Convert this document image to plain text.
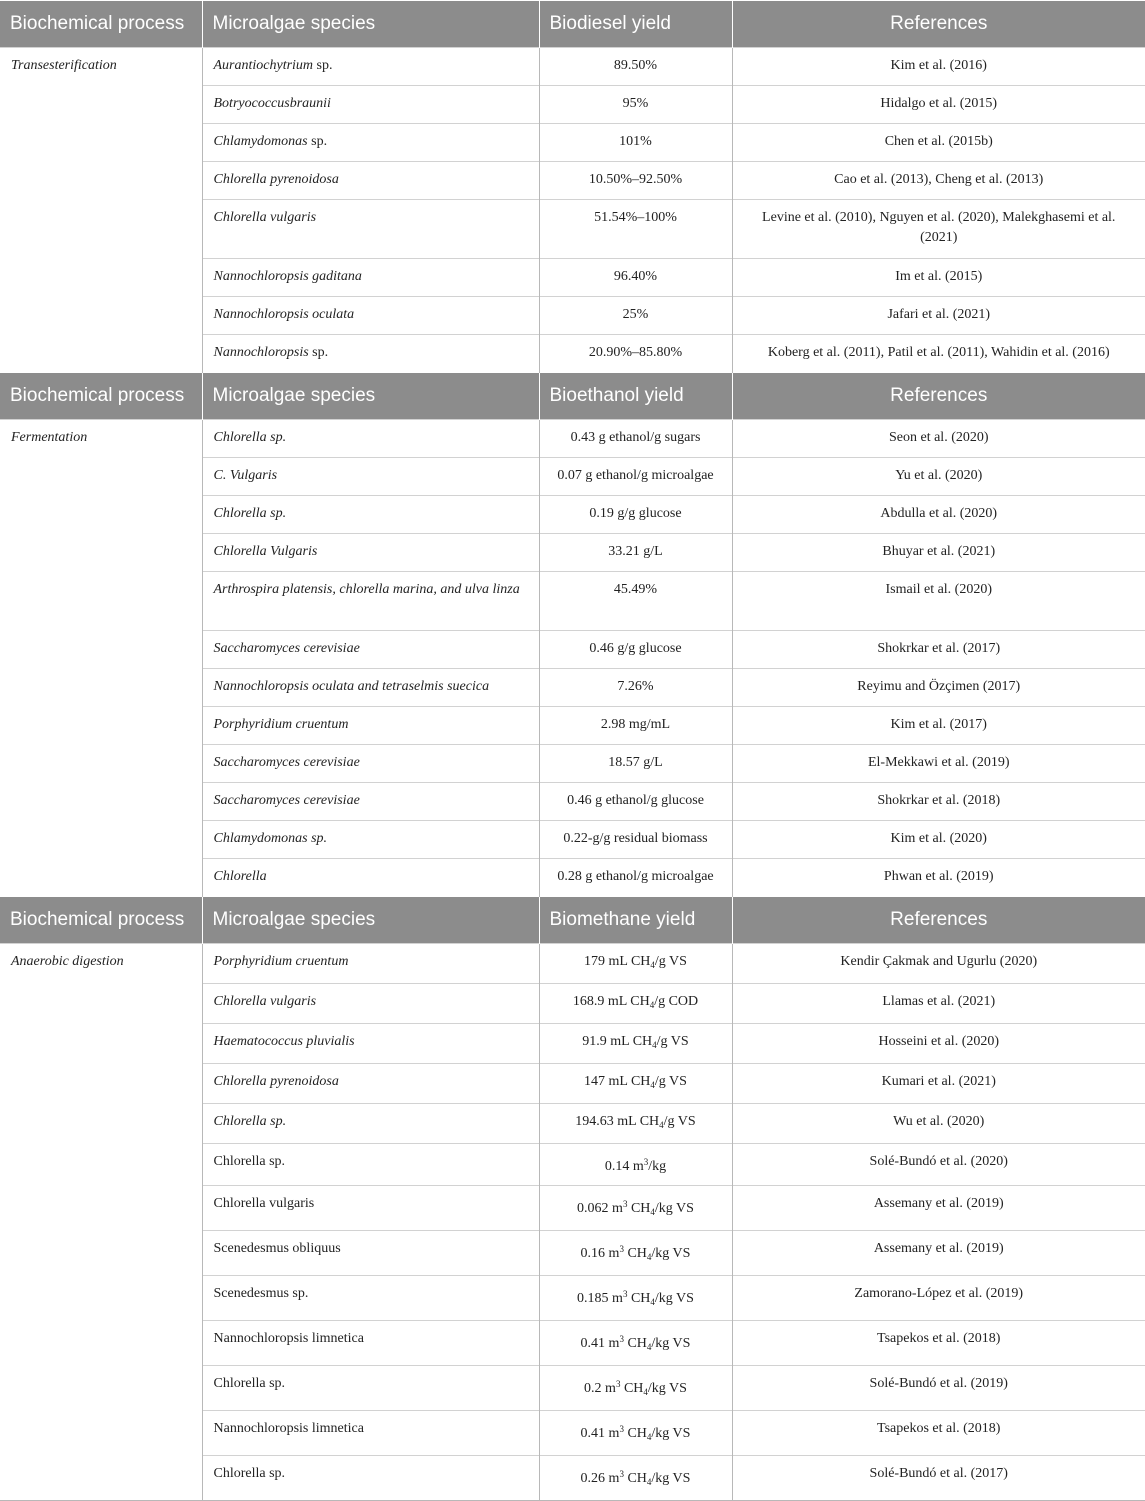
Biochemical process	Microalgae species	Biodiesel yield	References
Transesterification	Aurantiochytrium sp.	89.50%	Kim et al. (2016)
	Botryococcusbraunii	95%	Hidalgo et al. (2015)
	Chlamydomonas sp.	101%	Chen et al. (2015b)
	Chlorella pyrenoidosa	10.50%–92.50%	Cao et al. (2013), Cheng et al. (2013)
	Chlorella vulgaris	51.54%–100%	Levine et al. (2010), Nguyen et al. (2020), Malekghasemi et al. (2021)
	Nannochloropsis gaditana	96.40%	Im et al. (2015)
	Nannochloropsis oculata	25%	Jafari et al. (2021)
	Nannochloropsis sp.	20.90%–85.80%	Koberg et al. (2011), Patil et al. (2011), Wahidin et al. (2016)
Biochemical process	Microalgae species	Bioethanol yield	References
Fermentation	Chlorella sp.	0.43 g ethanol/g sugars	Seon et al. (2020)
	C. Vulgaris	0.07 g ethanol/g microalgae	Yu et al. (2020)
	Chlorella sp.	0.19 g/g glucose	Abdulla et al. (2020)
	Chlorella Vulgaris	33.21 g/L	Bhuyar et al. (2021)
	Arthrospira platensis, chlorella marina, and ulva linza	45.49%	Ismail et al. (2020)
	Saccharomyces cerevisiae	0.46 g/g glucose	Shokrkar et al. (2017)
	Nannochloropsis oculata and tetraselmis suecica	7.26%	Reyimu and Özçimen (2017)
	Porphyridium cruentum	2.98 mg/mL	Kim et al. (2017)
	Saccharomyces cerevisiae	18.57 g/L	El-Mekkawi et al. (2019)
	Saccharomyces cerevisiae	0.46 g ethanol/g glucose	Shokrkar et al. (2018)
	Chlamydomonas sp.	0.22-g/g residual biomass	Kim et al. (2020)
	Chlorella	0.28 g ethanol/g microalgae	Phwan et al. (2019)
Biochemical process	Microalgae species	Biomethane yield	References
Anaerobic digestion	Porphyridium cruentum	179 mL $CH_4/g$ VS	Kendir Çakmak and Ugurlu (2020)
	Chlorella vulgaris	168.9 mL $CH_4/g$ COD	Llamas et al. (2021)
	Haematococcus pluvialis	91.9 mL $CH_4/g$ VS	Hosseini et al. (2020)
	Chlorella pyrenoidosa	147 mL $CH_4/g$ VS	Kumari et al. (2021)
	Chlorella sp.	194.63 mL $CH_4/g$ VS	Wu et al. (2020)
	Chlorella sp.	0.14 $m^3/kg$	Solé-Bundó et al. (2020)
	Chlorella vulgaris	0.062 $m^3$ $CH_4/kg$ VS	Assemany et al. (2019)
	Scenedesmus obliquus	0.16 $m^3$ $CH_4/kg$ VS	Assemany et al. (2019)
	Scenedesmus sp.	0.185 $m^3$ $CH_4/kg$ VS	Zamorano-López et al. (2019)
	Nannochloropsis limnetica	0.41 $m^3$ $CH_4/kg$ VS	Tsapekos et al. (2018)
	Chlorella sp.	0.2 $m^3$ $CH_4/kg$ VS	Solé-Bundó et al. (2019)
	Nannochloropsis limnetica	0.41 $m^3$ $CH_4/kg$ VS	Tsapekos et al. (2018)
	Chlorella sp.	0.26 $m^3$ $CH_4/kg$ VS	Solé-Bundó et al. (2017)
